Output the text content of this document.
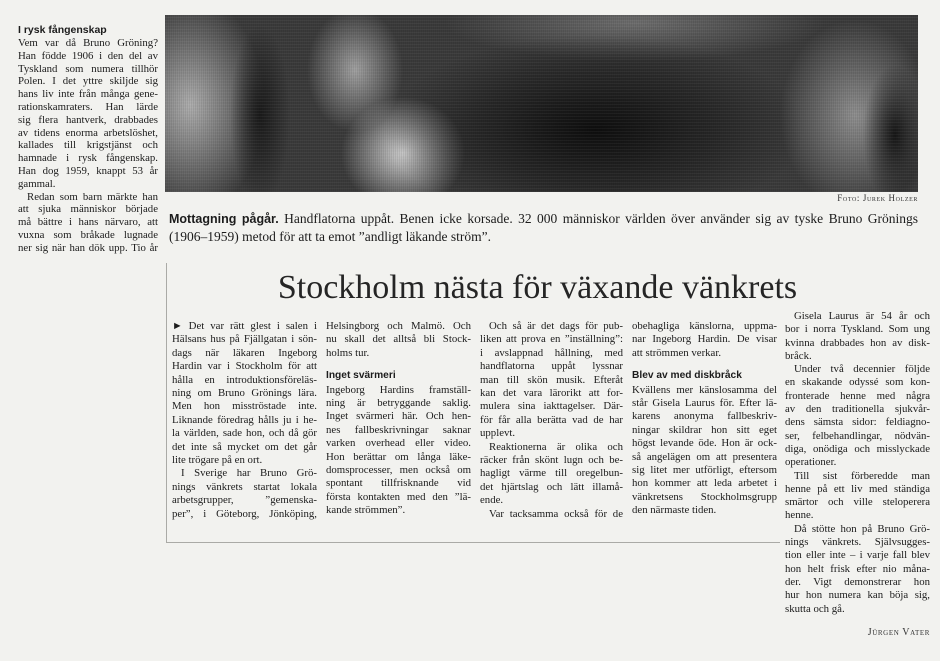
I rysk fångenskap
Vem var då Bruno Gröning?
Han födde 1906 i den del av
Tyskland som numera tillhör
Polen. I det yttre skiljde sig
hans liv inte från många gene-
rationskamraters. Han lärde
sig flera hantverk, drabbades
av tidens enorma arbetslöshet,
kallades till krigstjänst och
hamnade i rysk fångenskap.
Han dog 1959, knappt 53 år
gammal.
Redan som barn märkte han
att sjuka människor började
må bättre i hans närvaro, att
vuxna som bråkade lugnade
ner sig när han dök upp. Tio år
Foto: Jurek Holzer
Mottagning pågår. Handflatorna uppåt. Benen icke korsade. 32 000 människor världen över använder sig av tyske Bruno Grönings
(1906–1959) metod för att ta emot ”andligt läkande ström”.
Stockholm nästa för växande vänkrets
► Det var rätt glest i salen i
Hälsans hus på Fjällgatan i sön-
dags när läkaren Ingeborg
Hardin var i Stockholm för att
hålla en introduktionsföreläs-
ning om Bruno Grönings lära.
Men hon misströstade inte.
Liknande föredrag hålls ju i he-
la världen, sade hon, och då gör
det inte så mycket om det går
lite trögare på en ort.
I Sverige har Bruno Grö-
nings vänkrets startat lokala
arbetsgrupper, ”gemenska-
per”, i Göteborg, Jönköping,
Helsingborg och Malmö. Och
nu skall det alltså bli Stock-
holms tur.
Inget svärmeri
Ingeborg Hardins framställ-
ning är betryggande saklig.
Inget svärmeri här. Och hen-
nes fallbeskrivningar saknar
varken overhead eller video.
Hon berättar om långa läke-
domsprocesser, men också om
spontant tillfrisknande vid
första kontakten med den ”lä-
kande strömmen”.
Och så är det dags för pub-
liken att prova en ”inställning”:
i avslappnad hållning, med
handflatorna uppåt lyssnar
man till skön musik. Efteråt
kan det vara lärorikt att for-
mulera sina iakttagelser. Där-
för får alla berätta vad de har
upplevt.
Reaktionerna är olika och
räcker från skönt lugn och be-
hagligt värme till oregelbun-
det hjärtslag och lätt illamå-
ende.
Var tacksamma också för de
obehagliga känslorna, uppma-
nar Ingeborg Hardin. De visar
att strömmen verkar.
Blev av med diskbråck
Kvällens mer känslosamma del
står Gisela Laurus för. Efter lä-
karens anonyma fallbeskriv-
ningar skildrar hon sitt eget
högst levande öde. Hon är ock-
så angelägen om att presentera
sig litet mer utförligt, eftersom
hon kommer att leda arbetet i
vänkretsens Stockholmsgrupp
den närmaste tiden.
Gisela Laurus är 54 år och
bor i norra Tyskland. Som ung
kvinna drabbades hon av disk-
bråck.
Under två decennier följde
en skakande odyssé som kon-
fronterade henne med några
av den traditionella sjukvår-
dens sämsta sidor: feldiagno-
ser, felbehandlingar, nödvän-
diga, onödiga och misslyckade
operationer.
Till sist förberedde man
henne på ett liv med ständiga
smärtor och ville steloperera
henne.
Då stötte hon på Bruno Grö-
nings vänkrets. Självsugges-
tion eller inte – i varje fall blev
hon helt frisk efter nio måna-
der. Vigt demonstrerar hon
hur hon numera kan böja sig,
skutta och gå.
Jürgen Vater
